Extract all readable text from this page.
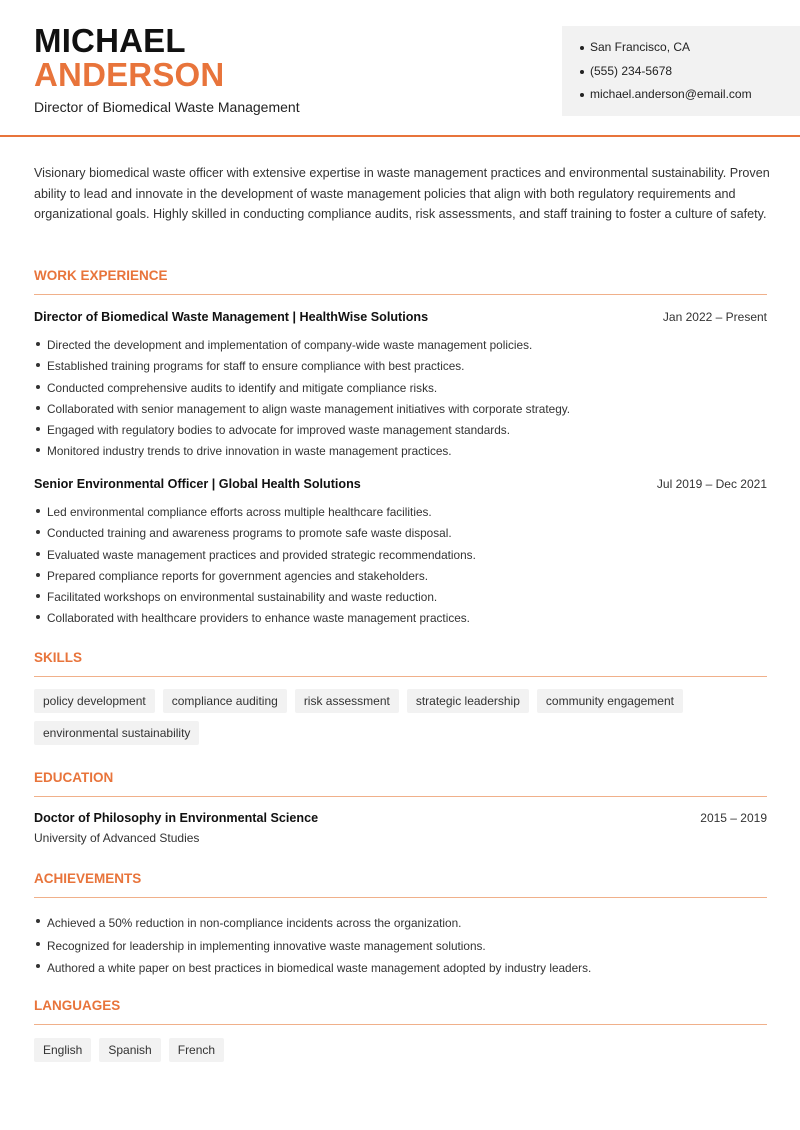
MICHAEL
ANDERSON
Director of Biomedical Waste Management
San Francisco, CA
(555) 234-5678
michael.anderson@email.com

Visionary biomedical waste officer with extensive expertise in waste management practices and environmental sustainability. Proven ability to lead and innovate in the development of waste management policies that align with both regulatory requirements and organizational goals. Highly skilled in conducting compliance audits, risk assessments, and staff training to foster a culture of safety.

WORK EXPERIENCE
Director of Biomedical Waste Management | HealthWise Solutions	Jan 2022 – Present
Directed the development and implementation of company-wide waste management policies.
Established training programs for staff to ensure compliance with best practices.
Conducted comprehensive audits to identify and mitigate compliance risks.
Collaborated with senior management to align waste management initiatives with corporate strategy.
Engaged with regulatory bodies to advocate for improved waste management standards.
Monitored industry trends to drive innovation in waste management practices.
Senior Environmental Officer | Global Health Solutions	Jul 2019 – Dec 2021
Led environmental compliance efforts across multiple healthcare facilities.
Conducted training and awareness programs to promote safe waste disposal.
Evaluated waste management practices and provided strategic recommendations.
Prepared compliance reports for government agencies and stakeholders.
Facilitated workshops on environmental sustainability and waste reduction.
Collaborated with healthcare providers to enhance waste management practices.
SKILLS
policy development	compliance auditing	risk assessment	strategic leadership	community engagement
environmental sustainability
EDUCATION
Doctor of Philosophy in Environmental Science	2015 – 2019
University of Advanced Studies
ACHIEVEMENTS
Achieved a 50% reduction in non-compliance incidents across the organization.
Recognized for leadership in implementing innovative waste management solutions.
Authored a white paper on best practices in biomedical waste management adopted by industry leaders.
LANGUAGES
English	Spanish	French
